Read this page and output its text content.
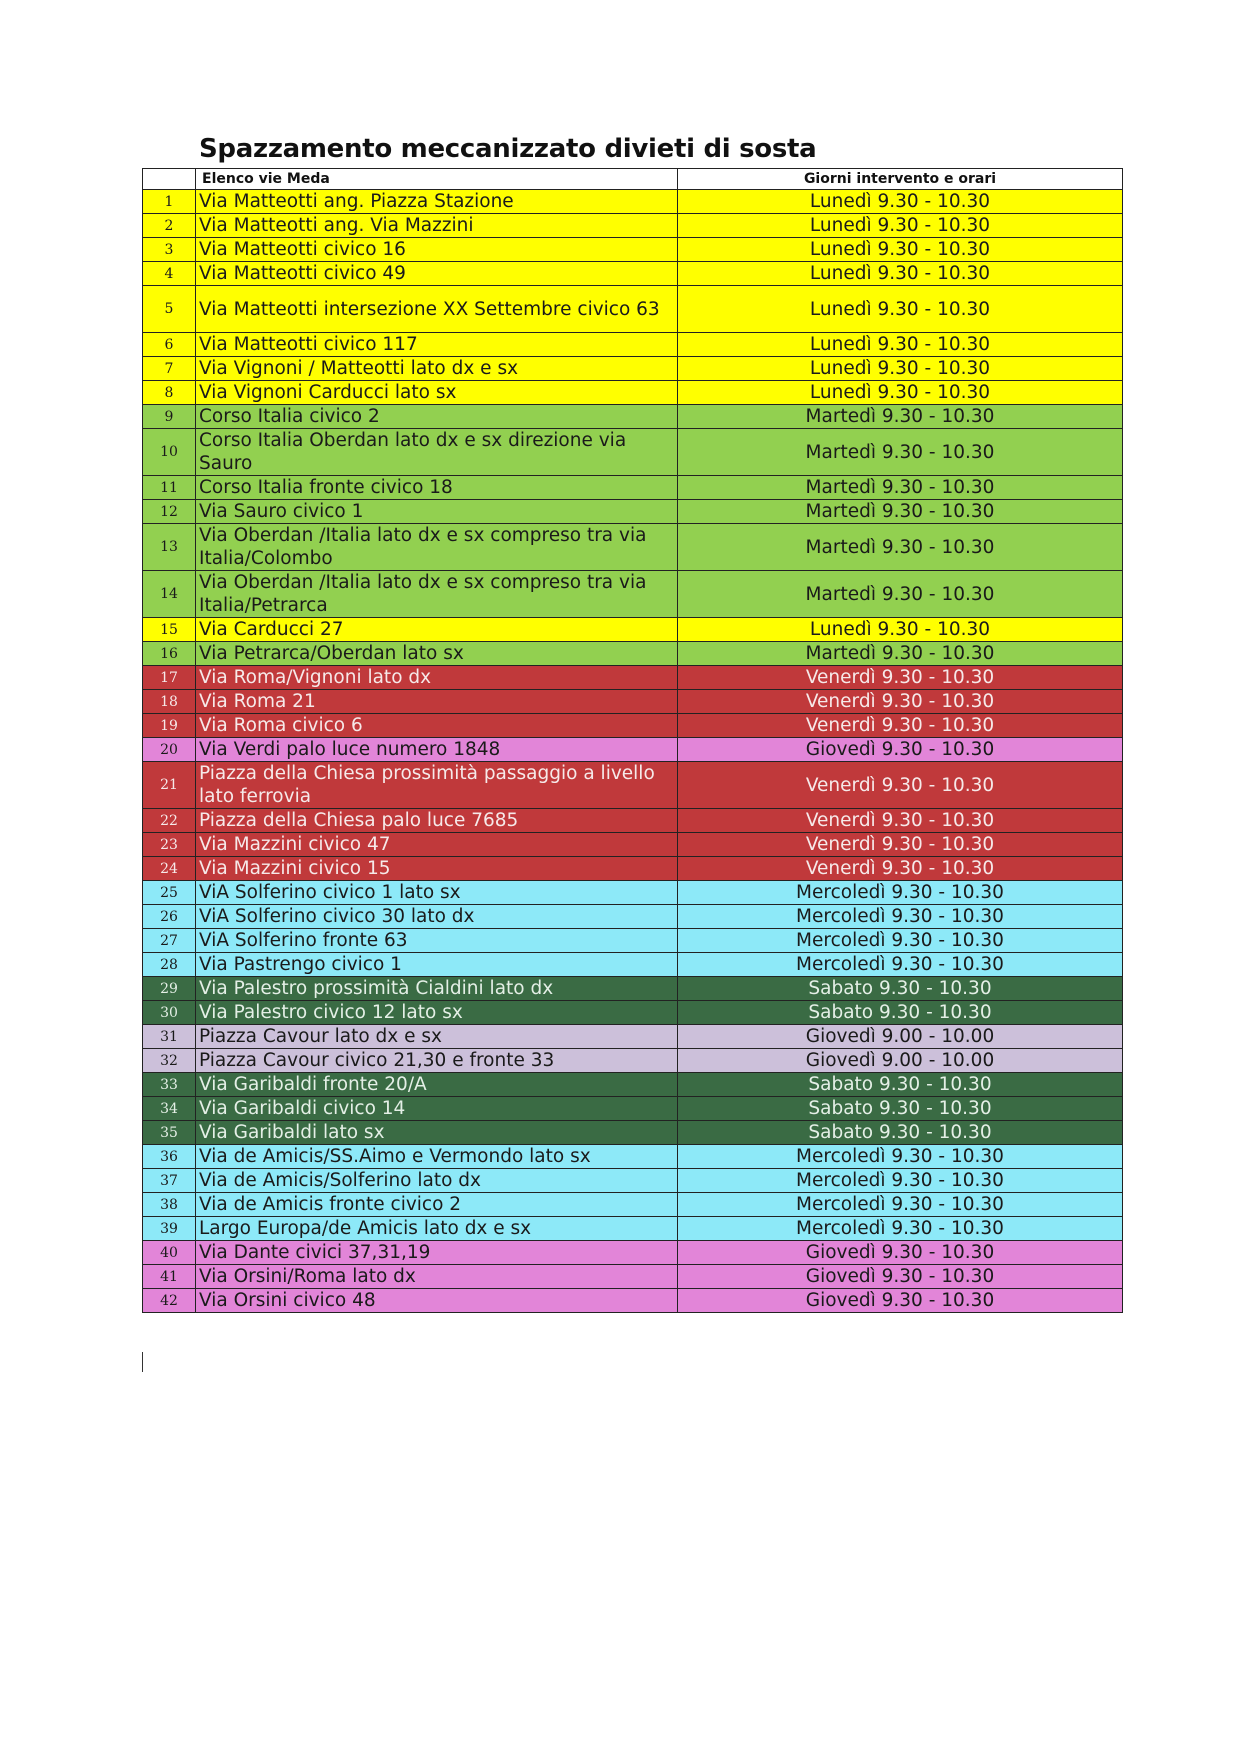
Spazzamento meccanizzato divieti di sosta
	Elenco vie Meda	Giorni intervento e orari
1	Via Matteotti ang. Piazza Stazione	Lunedì 9.30 - 10.30
2	Via Matteotti ang. Via Mazzini	Lunedì 9.30 - 10.30
3	Via Matteotti civico 16	Lunedì 9.30 - 10.30
4	Via Matteotti civico 49	Lunedì 9.30 - 10.30
5	Via Matteotti intersezione XX Settembre civico 63	Lunedì 9.30 - 10.30
6	Via Matteotti civico 117	Lunedì 9.30 - 10.30
7	Via Vignoni / Matteotti lato dx e sx	Lunedì 9.30 - 10.30
8	Via Vignoni Carducci lato sx	Lunedì 9.30 - 10.30
9	Corso Italia civico 2	Martedì 9.30 - 10.30
10	Corso Italia Oberdan lato dx e sx direzione via Sauro	Martedì 9.30 - 10.30
11	Corso Italia fronte civico 18	Martedì 9.30 - 10.30
12	Via Sauro civico 1	Martedì 9.30 - 10.30
13	Via Oberdan /Italia lato dx e sx compreso tra via Italia/Colombo	Martedì 9.30 - 10.30
14	Via Oberdan /Italia lato dx e sx compreso tra via Italia/Petrarca	Martedì 9.30 - 10.30
15	Via Carducci 27	Lunedì 9.30 - 10.30
16	Via Petrarca/Oberdan lato sx	Martedì 9.30 - 10.30
17	Via Roma/Vignoni lato dx	Venerdì 9.30 - 10.30
18	Via Roma 21	Venerdì 9.30 - 10.30
19	Via Roma civico 6	Venerdì 9.30 - 10.30
20	Via Verdi palo luce numero 1848	Giovedì 9.30 - 10.30
21	Piazza della Chiesa prossimità passaggio a livello lato ferrovia	Venerdì 9.30 - 10.30
22	Piazza della Chiesa palo luce 7685	Venerdì 9.30 - 10.30
23	Via Mazzini civico 47	Venerdì 9.30 - 10.30
24	Via Mazzini civico 15	Venerdì 9.30 - 10.30
25	ViA Solferino civico 1 lato sx	Mercoledì 9.30 - 10.30
26	ViA Solferino civico 30 lato dx	Mercoledì 9.30 - 10.30
27	ViA Solferino fronte 63	Mercoledì 9.30 - 10.30
28	Via Pastrengo civico 1	Mercoledì 9.30 - 10.30
29	Via Palestro prossimità Cialdini lato dx	Sabato 9.30 - 10.30
30	Via Palestro civico 12 lato sx	Sabato 9.30 - 10.30
31	Piazza Cavour lato dx e sx	Giovedì 9.00 - 10.00
32	Piazza Cavour civico 21,30 e fronte 33	Giovedì 9.00 - 10.00
33	Via Garibaldi fronte 20/A	Sabato 9.30 - 10.30
34	Via Garibaldi civico 14	Sabato 9.30 - 10.30
35	Via Garibaldi lato sx	Sabato 9.30 - 10.30
36	Via de Amicis/SS.Aimo e Vermondo lato sx	Mercoledì 9.30 - 10.30
37	Via de Amicis/Solferino lato dx	Mercoledì 9.30 - 10.30
38	Via de Amicis fronte civico 2	Mercoledì 9.30 - 10.30
39	Largo Europa/de Amicis lato dx e sx	Mercoledì 9.30 - 10.30
40	Via Dante civici 37,31,19	Giovedì 9.30 - 10.30
41	Via Orsini/Roma lato dx	Giovedì 9.30 - 10.30
42	Via Orsini civico 48	Giovedì 9.30 - 10.30
